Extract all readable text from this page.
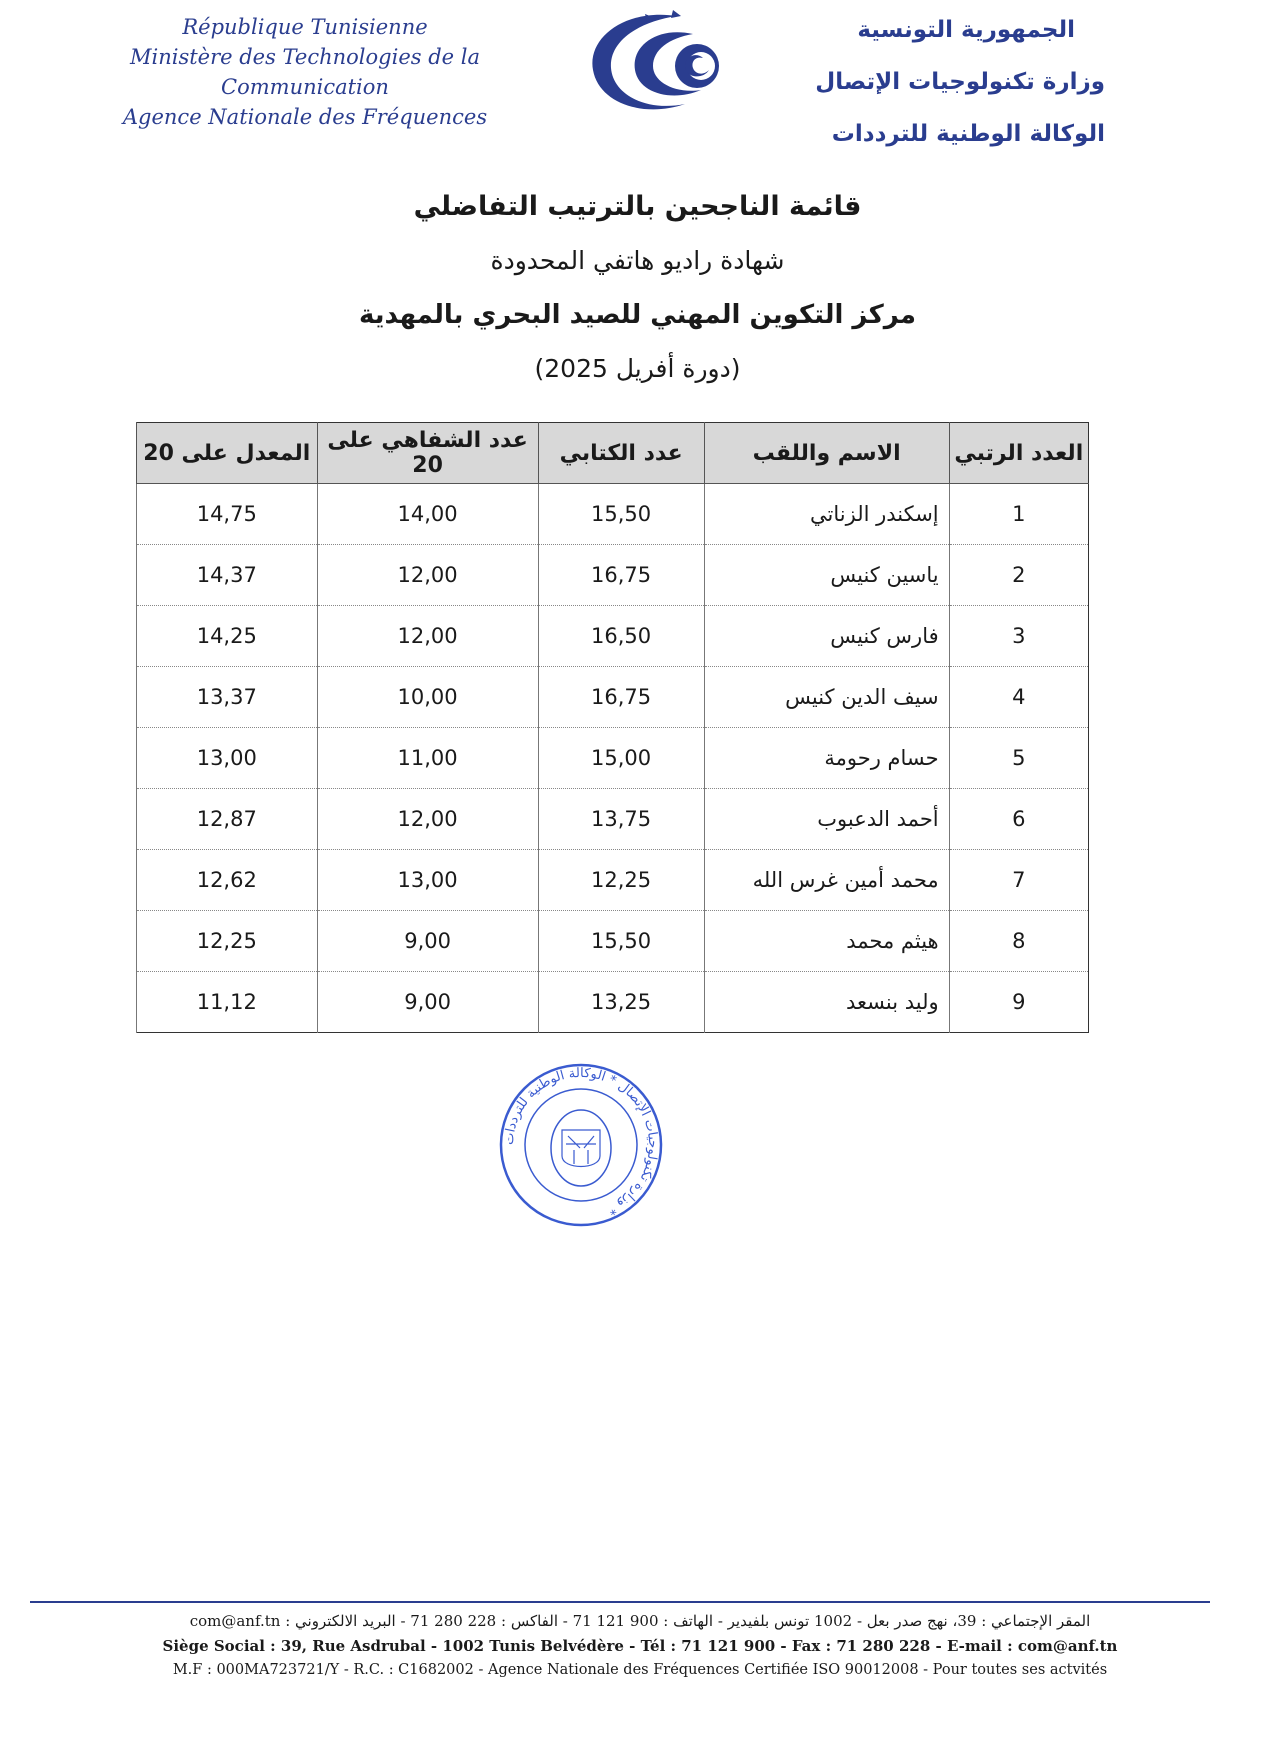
République Tunisienne
Ministère des Technologies de la Communication
Agence Nationale des Fréquences
الجمهورية التونسية
وزارة تكنولوجيات الإتصال
الوكالة الوطنية للترددات
قائمة الناجحين بالترتيب التفاضلي
شهادة راديو هاتفي المحدودة
مركز التكوين المهني للصيد البحري بالمهدية
(دورة أفريل 2025)
العدد الرتبي	الاسم واللقب	عدد الكتابي	عدد الشفاهي على 20	المعدل على 20
1	إسكندر الزناتي	15,50	14,00	14,75
2	ياسين كنيس	16,75	12,00	14,37
3	فارس كنيس	16,50	12,00	14,25
4	سيف الدين كنيس	16,75	10,00	13,37
5	حسام رحومة	15,00	11,00	13,00
6	أحمد الدعبوب	13,75	12,00	12,87
7	محمد أمين غرس الله	12,25	13,00	12,62
8	هيثم محمد	15,50	9,00	12,25
9	وليد بنسعد	13,25	9,00	11,12
وزارة تكنولوجيات الإتصال * الوكالة الوطنية للترددات *
المقر الإجتماعي : 39، نهج صدر بعل - 1002 تونس بلفيدير - الهاتف : 900 121 71 - الفاكس : 228 280 71 - البريد الالكتروني : com@anf.tn
Siège Social : 39, Rue Asdrubal - 1002 Tunis Belvédère - Tél : 71 121 900 - Fax : 71 280 228 - E-mail : com@anf.tn
M.F : 000MA723721/Y - R.C. : C1682002 - Agence Nationale des Fréquences Certifiée ISO 90012008 - Pour toutes ses actvités
